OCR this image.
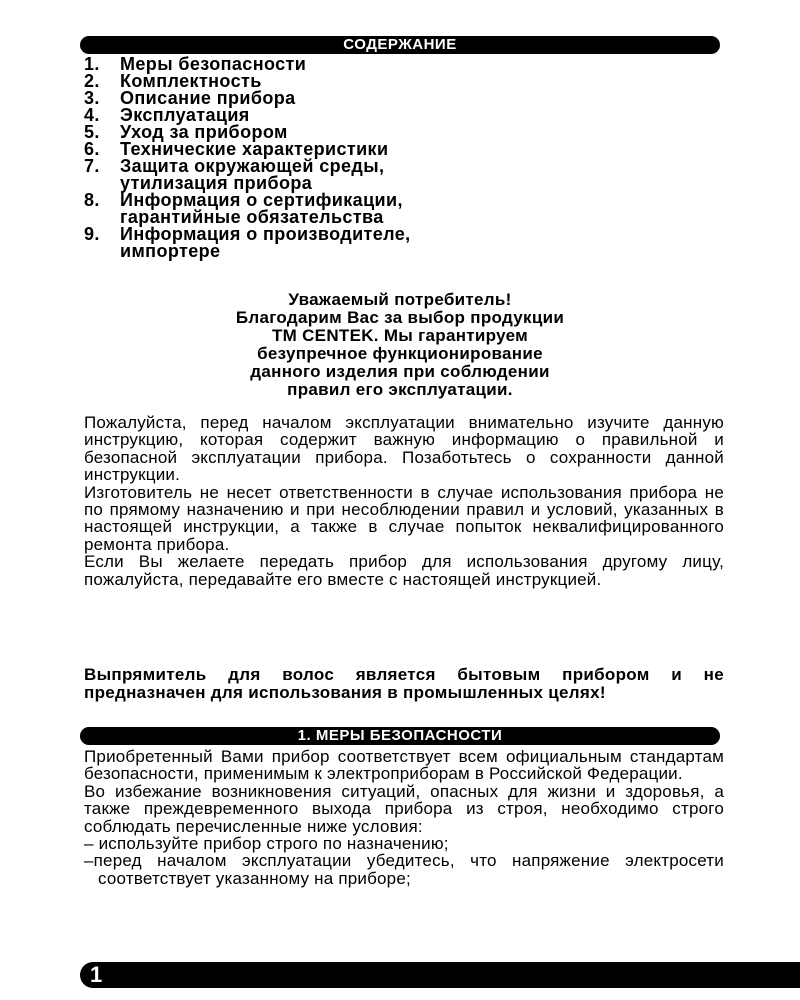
СОДЕРЖАНИЕ
1.	Меры безопасности
2.	Комплектность
3.	Описание прибора
4.	Эксплуатация
5.	Уход за прибором
6.	Технические характеристики
7.	Защита окружающей среды,
утилизация прибора
8.	Информация о сертификации,
гарантийные обязательства
9.	Информация о производителе,
импортере
Уважаемый потребитель!
Благодарим Вас за выбор продукции
ТМ CENTEK. Мы гарантируем
безупречное функционирование
данного изделия при соблюдении
правил его эксплуатации.

Пожалуйста, перед началом эксплуатации внимательно изучите данную инструкцию, которая содержит важную информацию о правильной и безопасной эксплуатации прибора. Позаботьтесь о сохранности данной инструкции.

Изготовитель не несет ответственности в случае использования прибора не по прямому назначению и при несоблюдении правил и условий, указанных в настоящей инструкции, а также в случае попыток неквалифицированного ремонта прибора.

Если Вы желаете передать прибор для использования другому лицу, пожалуйста, передавайте его вместе с настоящей инструкцией.

Выпрямитель для волос является бытовым прибором и не предназначен для использования в промышленных целях!
1. МЕРЫ БЕЗОПАСНОСТИ

Приобретенный Вами прибор соответствует всем официальным стандартам безопасности, применимым к электроприборам в Российской Федерации.

Во избежание возникновения ситуаций, опасных для жизни и здоровья, а также преждевременного выхода прибора из строя, необходимо строго соблюдать перечисленные ниже условия:

– используйте прибор строго по назначению;

–перед началом эксплуатации убедитесь, что напряжение электросети соответствует указанному на приборе;

1
